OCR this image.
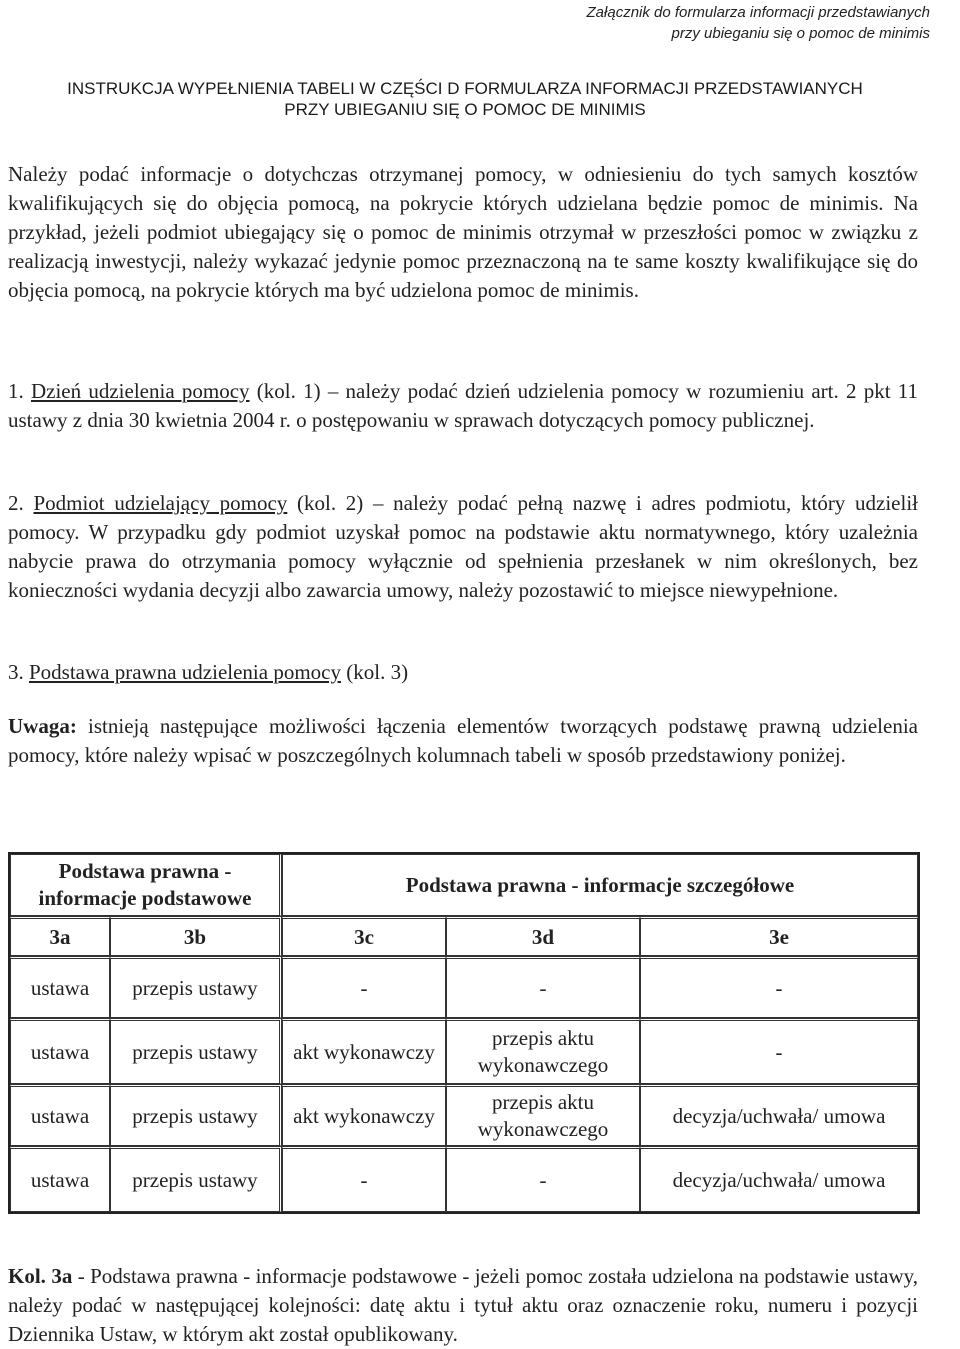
Załącznik do formularza informacji przedstawianych
przy ubieganiu się o pomoc de minimis
INSTRUKCJA WYPEŁNIENIA TABELI W CZĘŚCI D FORMULARZA INFORMACJI PRZEDSTAWIANYCH
PRZY UBIEGANIU SIĘ O POMOC DE MINIMIS
Należy podać informacje o dotychczas otrzymanej pomocy, w odniesieniu do tych samych kosztów kwalifikujących się do objęcia pomocą, na pokrycie których udzielana będzie pomoc de minimis. Na przykład, jeżeli podmiot ubiegający się o pomoc de minimis otrzymał w przeszłości pomoc w związku z realizacją inwestycji, należy wykazać jedynie pomoc przeznaczoną na te same koszty kwalifikujące się do objęcia pomocą, na pokrycie których ma być udzielona pomoc de minimis.
1. Dzień udzielenia pomocy (kol. 1) – należy podać dzień udzielenia pomocy w rozumieniu art. 2 pkt 11 ustawy z dnia 30 kwietnia 2004 r. o postępowaniu w sprawach dotyczących pomocy publicznej.
2. Podmiot udzielający pomocy (kol. 2) – należy podać pełną nazwę i adres podmiotu, który udzielił pomocy. W przypadku gdy podmiot uzyskał pomoc na podstawie aktu normatywnego, który uzależnia nabycie prawa do otrzymania pomocy wyłącznie od spełnienia przesłanek w nim określonych, bez konieczności wydania decyzji albo zawarcia umowy, należy pozostawić to miejsce niewypełnione.
3. Podstawa prawna udzielenia pomocy (kol. 3)
Uwaga: istnieją następujące możliwości łączenia elementów tworzących podstawę prawną udzielenia pomocy, które należy wpisać w poszczególnych kolumnach tabeli w sposób przedstawiony poniżej.
Podstawa prawna -
informacje podstawowe		Podstawa prawna - informacje szczegółowe		
3a	3b	3c	3d	3e
ustawa	przepis ustawy	-	-	-
ustawa	przepis ustawy	akt wykonawczy	przepis aktu wykonawczego	-
ustawa	przepis ustawy	akt wykonawczy	przepis aktu wykonawczego	decyzja/uchwała/ umowa
ustawa	przepis ustawy	-	-	decyzja/uchwała/ umowa
Kol. 3a - Podstawa prawna - informacje podstawowe - jeżeli pomoc została udzielona na podstawie ustawy, należy podać w następującej kolejności: datę aktu i tytuł aktu oraz oznaczenie roku, numeru i pozycji Dziennika Ustaw, w którym akt został opublikowany.
